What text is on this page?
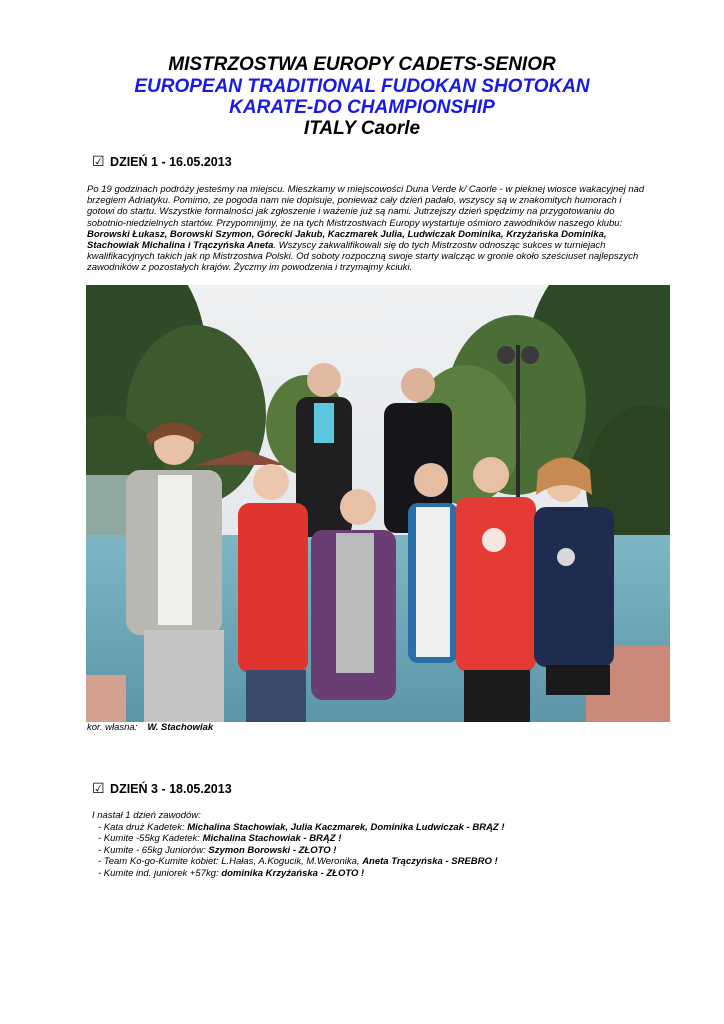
MISTRZOSTWA EUROPY CADETS-SENIOR
EUROPEAN TRADITIONAL FUDOKAN SHOTOKAN
KARATE-DO CHAMPIONSHIP
ITALY Caorle
☑ DZIEŃ 1 - 16.05.2013
Po 19 godzinach podróży jesteśmy na miejscu. Mieszkamy w miejscowości Duna Verde k/ Caorle - w pieknej wiosce wakacyjnej nad brzegiem Adriatyku. Pomimo, ze pogoda nam nie dopisuje, ponieważ cały dzień padało, wszyscy są w znakomitych humorach i gotowi do startu. Wszystkie formalności jak zgłoszenie i ważenie już są nami. Jutrzejszy dzień spędzimy na przygotowaniu do sobotnio-niedzielnych startów. Przypomnijmy, że na tych Mistrzostwach Europy wystartuje ośmioro zawodników naszego klubu: Borowski Łukasz, Borowski Szymon, Górecki Jakub, Kaczmarek Julia, Ludwiczak Dominika, Krzyżańska Dominika, Stachowiak Michalina i Trączyńska Aneta. Wszyscy zakwalifikowali się do tych Mistrzostw odnosząc sukces w turniejach kwalifikacyjnych takich jak np Mistrzostwa Polski. Od soboty rozpoczną swoje starty walcząc w gronie około sześciuset najlepszych zawodników z pozostałych krajów. Życzmy im powodzenia i trzymajmy kciuki.
kor. własna: W. Stachowiak
☑ DZIEŃ 3 - 18.05.2013
I nastał 1 dzień zawodów:
- Kata druż Kadetek: Michalina Stachowiak, Julia Kaczmarek, Dominika Ludwiczak - BRĄZ !
- Kumite -55kg Kadetek: Michalina Stachowiak - BRĄZ !
- Kumite - 65kg Juniorów: Szymon Borowski - ZŁOTO !
- Team Ko-go-Kumite kobiet: L.Hałas, A.Kogucik, M.Weronika, Aneta Trączyńska - SREBRO !
- Kumite ind. juniorek +57kg: dominika Krzyżańska - ZŁOTO !
